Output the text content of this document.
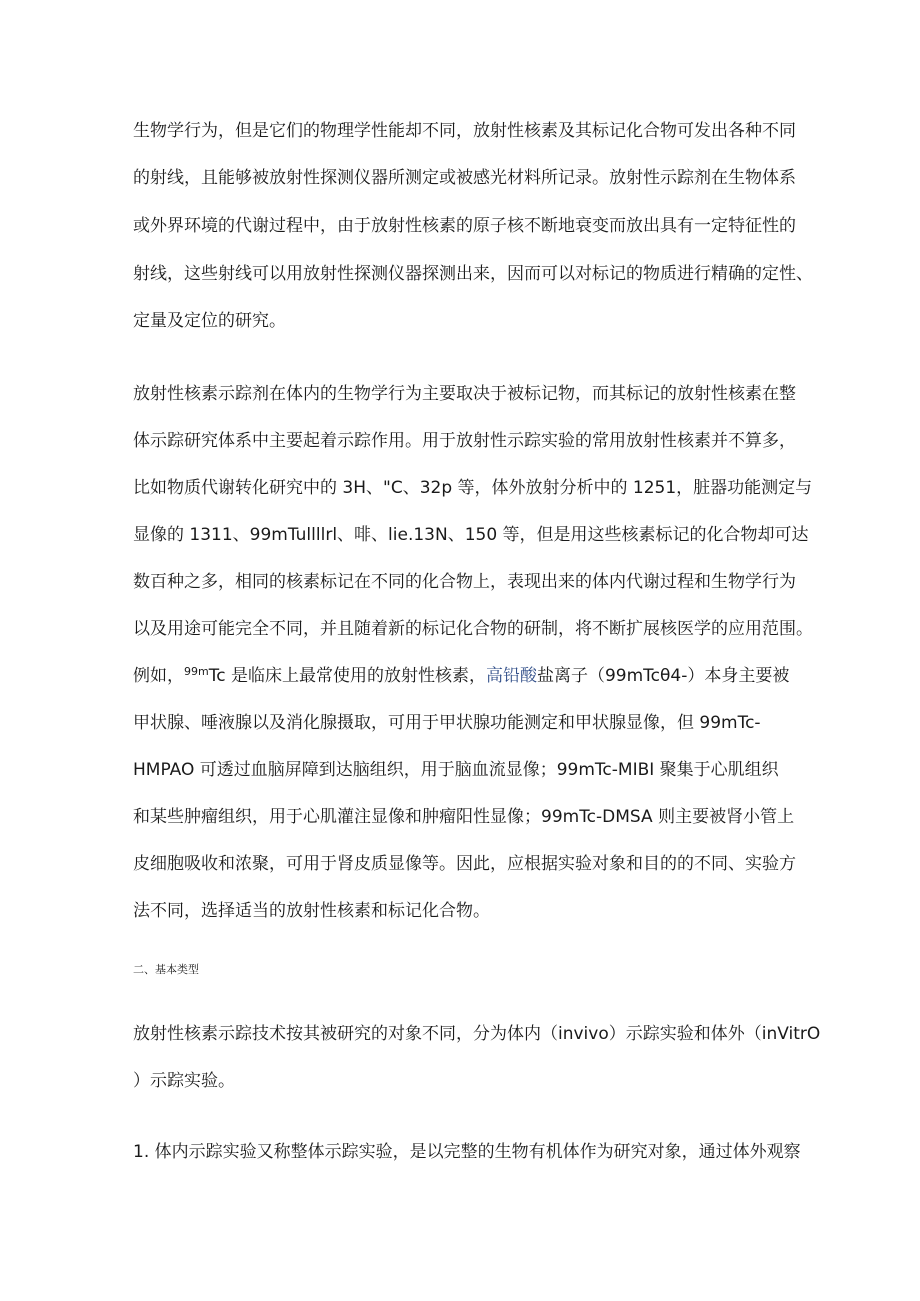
生物学行为，但是它们的物理学性能却不同，放射性核素及其标记化合物可发出各种不同
的射线，且能够被放射性探测仪器所测定或被感光材料所记录。放射性示踪剂在生物体系
或外界环境的代谢过程中，由于放射性核素的原子核不断地衰变而放出具有一定特征性的
射线，这些射线可以用放射性探测仪器探测出来，因而可以对标记的物质进行精确的定性、
定量及定位的研究。
放射性核素示踪剂在体内的生物学行为主要取决于被标记物，而其标记的放射性核素在整
体示踪研究体系中主要起着示踪作用。用于放射性示踪实验的常用放射性核素并不算多，
比如物质代谢转化研究中的 3H、"C、32p 等，体外放射分析中的 1251，脏器功能测定与
显像的 1311、99mTullllrl、啡、lie.13N、150 等，但是用这些核素标记的化合物却可达
数百种之多，相同的核素标记在不同的化合物上，表现出来的体内代谢过程和生物学行为
以及用途可能完全不同，并且随着新的标记化合物的研制，将不断扩展核医学的应用范围。
例如，$^{99m}$Tc 是临床上最常使用的放射性核素，高铅酸盐离子（99mTcθ4-）本身主要被
甲状腺、唾液腺以及消化腺摄取，可用于甲状腺功能测定和甲状腺显像，但 99mTc-
HMPAO 可透过血脑屏障到达脑组织，用于脑血流显像；99mTc-MIBI 聚集于心肌组织
和某些肿瘤组织，用于心肌灌注显像和肿瘤阳性显像；99mTc-DMSA 则主要被肾小管上
皮细胞吸收和浓聚，可用于肾皮质显像等。因此，应根据实验对象和目的的不同、实验方
法不同，选择适当的放射性核素和标记化合物。
二、基本类型
放射性核素示踪技术按其被研究的对象不同，分为体内（invivo）示踪实验和体外（inVitrO
）示踪实验。
1. 体内示踪实验又称整体示踪实验，是以完整的生物有机体作为研究对象，通过体外观察
